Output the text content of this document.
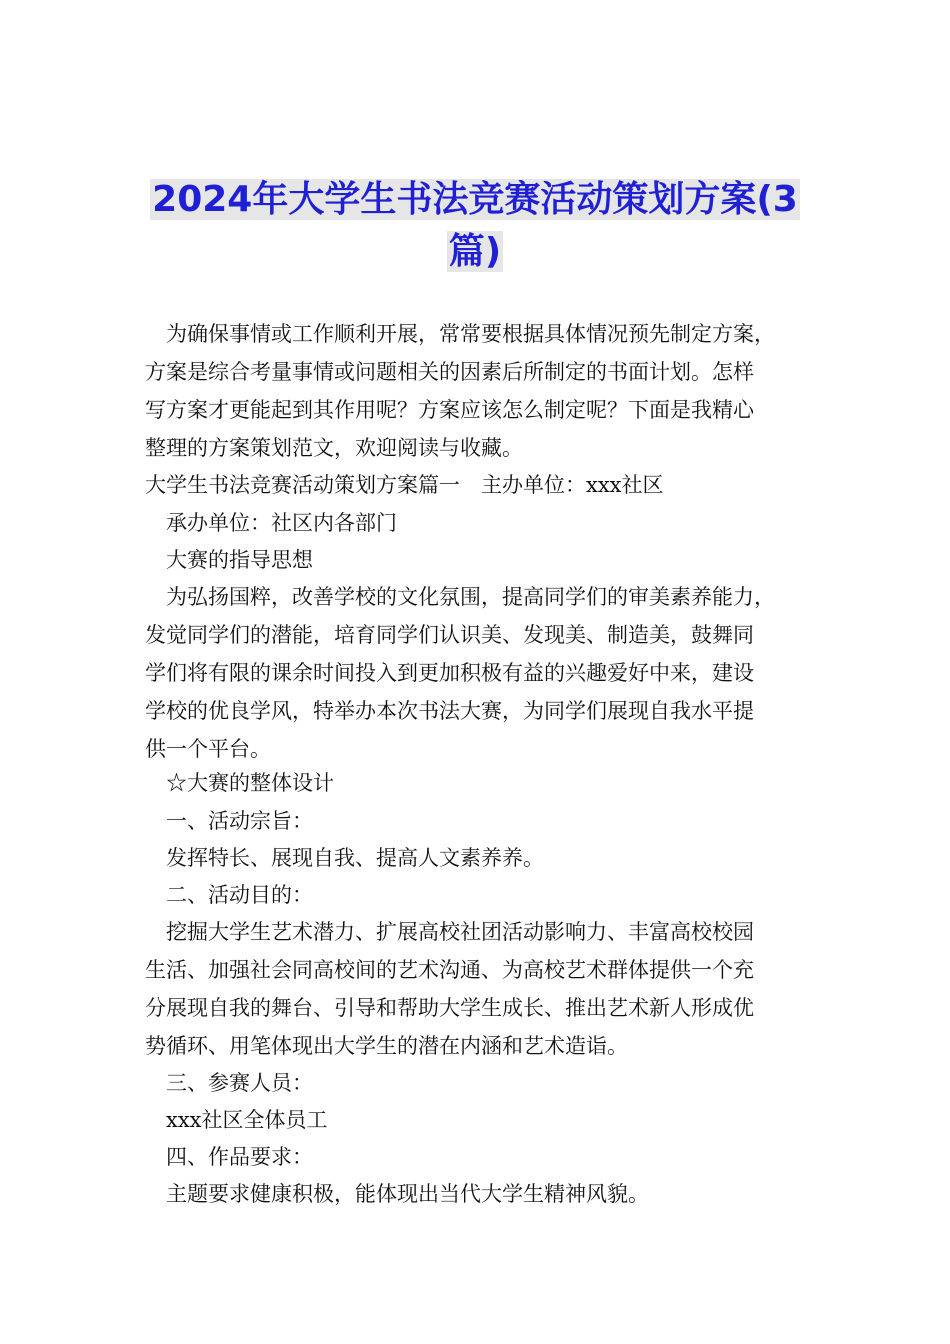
2024年大学生书法竞赛活动策划方案(3
篇)
为确保事情或工作顺利开展，常常要根据具体情况预先制定方案，
方案是综合考量事情或问题相关的因素后所制定的书面计划。怎样
写方案才更能起到其作用呢？方案应该怎么制定呢？下面是我精心
整理的方案策划范文，欢迎阅读与收藏。
大学生书法竞赛活动策划方案篇一　主办单位：xxx社区
承办单位：社区内各部门
大赛的指导思想
为弘扬国粹，改善学校的文化氛围，提高同学们的审美素养能力，
发觉同学们的潜能，培育同学们认识美、发现美、制造美，鼓舞同
学们将有限的课余时间投入到更加积极有益的兴趣爱好中来，建设
学校的优良学风，特举办本次书法大赛，为同学们展现自我水平提
供一个平台。
☆大赛的整体设计
一、活动宗旨：
发挥特长、展现自我、提高人文素养养。
二、活动目的：
挖掘大学生艺术潜力、扩展高校社团活动影响力、丰富高校校园
生活、加强社会同高校间的艺术沟通、为高校艺术群体提供一个充
分展现自我的舞台、引导和帮助大学生成长、推出艺术新人形成优
势循环、用笔体现出大学生的潜在内涵和艺术造诣。
三、参赛人员：
xxx社区全体员工
四、作品要求：
主题要求健康积极，能体现出当代大学生精神风貌。
